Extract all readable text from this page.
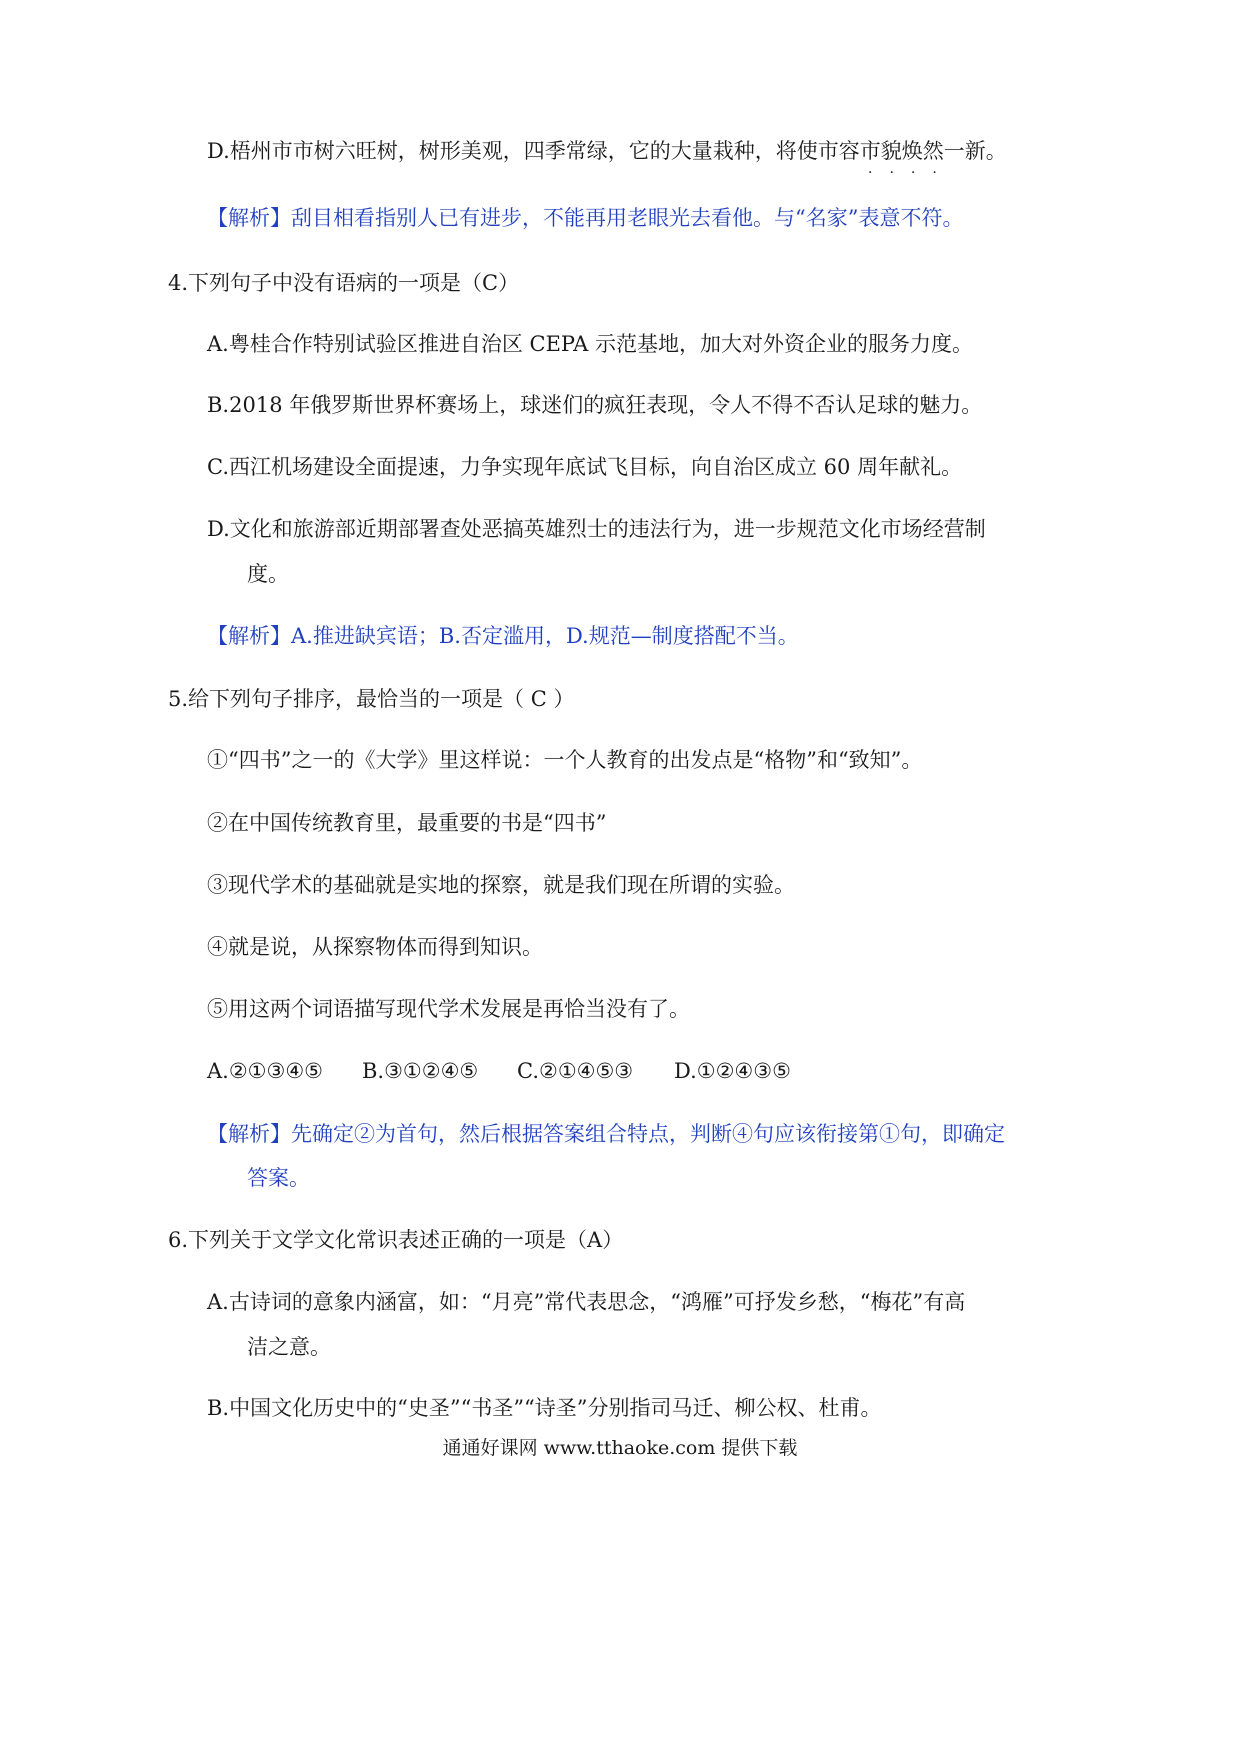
D.梧州市市树六旺树，树形美观，四季常绿，它的大量栽种，将使市容市貌焕然一新。
····
【解析】刮目相看指别人已有进步，不能再用老眼光去看他。与“名家”表意不符。
4.下列句子中没有语病的一项是（C）
A.粤桂合作特别试验区推进自治区 CEPA 示范基地，加大对外资企业的服务力度。
B.2018 年俄罗斯世界杯赛场上，球迷们的疯狂表现，令人不得不否认足球的魅力。
C.西江机场建设全面提速，力争实现年底试飞目标，向自治区成立 60 周年献礼。
D.文化和旅游部近期部署查处恶搞英雄烈士的违法行为，进一步规范文化市场经营制
度。
【解析】A.推进缺宾语；B.否定滥用，D.规范—制度搭配不当。
5.给下列句子排序，最恰当的一项是（ C ）
①“四书”之一的《大学》里这样说：一个人教育的出发点是“格物”和“致知”。
②在中国传统教育里，最重要的书是“四书”
③现代学术的基础就是实地的探察，就是我们现在所谓的实验。
④就是说，从探察物体而得到知识。
⑤用这两个词语描写现代学术发展是再恰当没有了。
A.②①③④⑤ B.③①②④⑤ C.②①④⑤③ D.①②④③⑤
【解析】先确定②为首句，然后根据答案组合特点，判断④句应该衔接第①句，即确定
答案。
6.下列关于文学文化常识表述正确的一项是（A）
A.古诗词的意象内涵富，如：“月亮”常代表思念，“鸿雁”可抒发乡愁，“梅花”有高
洁之意。
B.中国文化历史中的“史圣”“书圣”“诗圣”分别指司马迁、柳公权、杜甫。
通通好课网 www.tthaoke.com 提供下载
